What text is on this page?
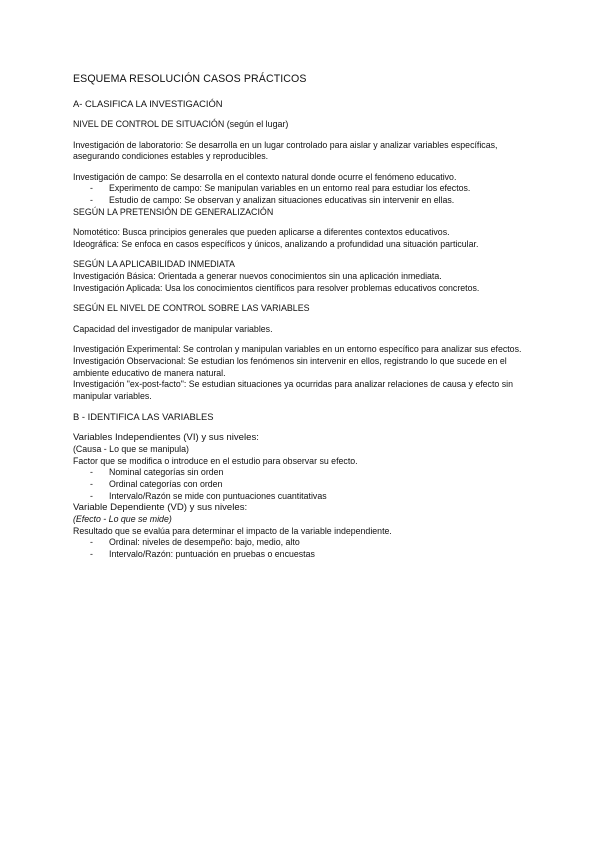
ESQUEMA RESOLUCIÓN CASOS PRÁCTICOS
A- CLASIFICA LA INVESTIGACIÓN
NIVEL DE CONTROL DE SITUACIÓN (según el lugar)

Investigación de laboratorio: Se desarrolla en un lugar controlado para aislar y analizar variables específicas, asegurando condiciones estables y reproducibles.

Investigación de campo: Se desarrolla en el contexto natural donde ocurre el fenómeno educativo.

- Experimento de campo: Se manipulan variables en un entorno real para estudiar los efectos.
- Estudio de campo: Se observan y analizan situaciones educativas sin intervenir en ellas.
SEGÚN LA PRETENSIÓN DE GENERALIZACIÓN

Nomotético: Busca principios generales que pueden aplicarse a diferentes contextos educativos.

Ideográfica: Se enfoca en casos específicos y únicos, analizando a profundidad una situación particular.

SEGÚN LA APLICABILIDAD INMEDIATA

Investigación Básica: Orientada a generar nuevos conocimientos sin una aplicación inmediata.

Investigación Aplicada: Usa los conocimientos científicos para resolver problemas educativos concretos.

SEGÚN EL NIVEL DE CONTROL SOBRE LAS VARIABLES

Capacidad del investigador de manipular variables.

Investigación Experimental: Se controlan y manipulan variables en un entorno específico para analizar sus efectos.

Investigación Observacional: Se estudian los fenómenos sin intervenir en ellos, registrando lo que sucede en el ambiente educativo de manera natural.

Investigación "ex-post-facto": Se estudian situaciones ya ocurridas para analizar relaciones de causa y efecto sin manipular variables.

B - IDENTIFICA LAS VARIABLES
Variables Independientes (VI) y sus niveles:

(Causa - Lo que se manipula)

Factor que se modifica o introduce en el estudio para observar su efecto.

- Nominal categorías sin orden
- Ordinal categorías con orden
- Intervalo/Razón se mide con puntuaciones cuantitativas
Variable Dependiente (VD) y sus niveles:

(Efecto - Lo que se mide)

Resultado que se evalúa para determinar el impacto de la variable independiente.

- Ordinal: niveles de desempeño: bajo, medio, alto
- Intervalo/Razón: puntuación en pruebas o encuestas
